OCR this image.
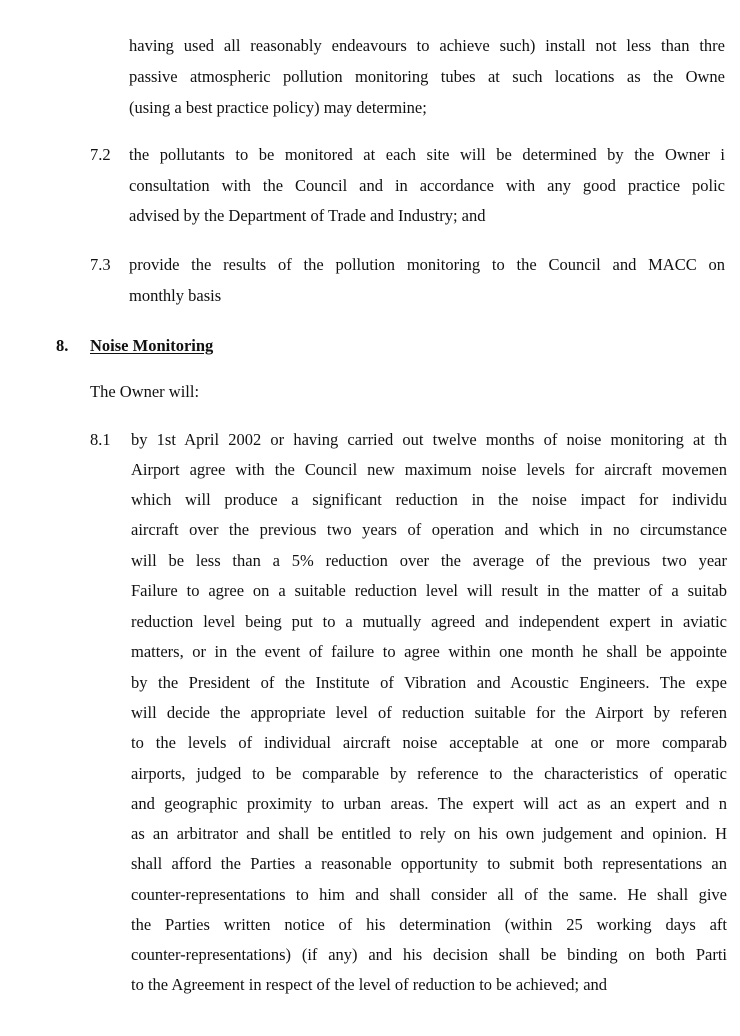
having used all reasonably endeavours to achieve such) install not less than thre
passive atmospheric pollution monitoring tubes at such locations as the Owne
(using a best practice policy) may determine;
7.2 the pollutants to be monitored at each site will be determined by the Owner i
consultation with the Council and in accordance with any good practice polic
advised by the Department of Trade and Industry; and
7.3 provide the results of the pollution monitoring to the Council and MACC on
monthly basis
8. Noise Monitoring
The Owner will:
8.1 by 1st April 2002 or having carried out twelve months of noise monitoring at th
Airport agree with the Council new maximum noise levels for aircraft movemen
which will produce a significant reduction in the noise impact for individu
aircraft over the previous two years of operation and which in no circumstance
will be less than a 5% reduction over the average of the previous two year
Failure to agree on a suitable reduction level will result in the matter of a suitab
reduction level being put to a mutually agreed and independent expert in aviatic
matters, or in the event of failure to agree within one month he shall be appointe
by the President of the Institute of Vibration and Acoustic Engineers. The expe
will decide the appropriate level of reduction suitable for the Airport by referen
to the levels of individual aircraft noise acceptable at one or more comparab
airports, judged to be comparable by reference to the characteristics of operatic
and geographic proximity to urban areas. The expert will act as an expert and n
as an arbitrator and shall be entitled to rely on his own judgement and opinion. H
shall afford the Parties a reasonable opportunity to submit both representations an
counter-representations to him and shall consider all of the same. He shall give
the Parties written notice of his determination (within 25 working days aft
counter-representations) (if any) and his decision shall be binding on both Parti
to the Agreement in respect of the level of reduction to be achieved; and
